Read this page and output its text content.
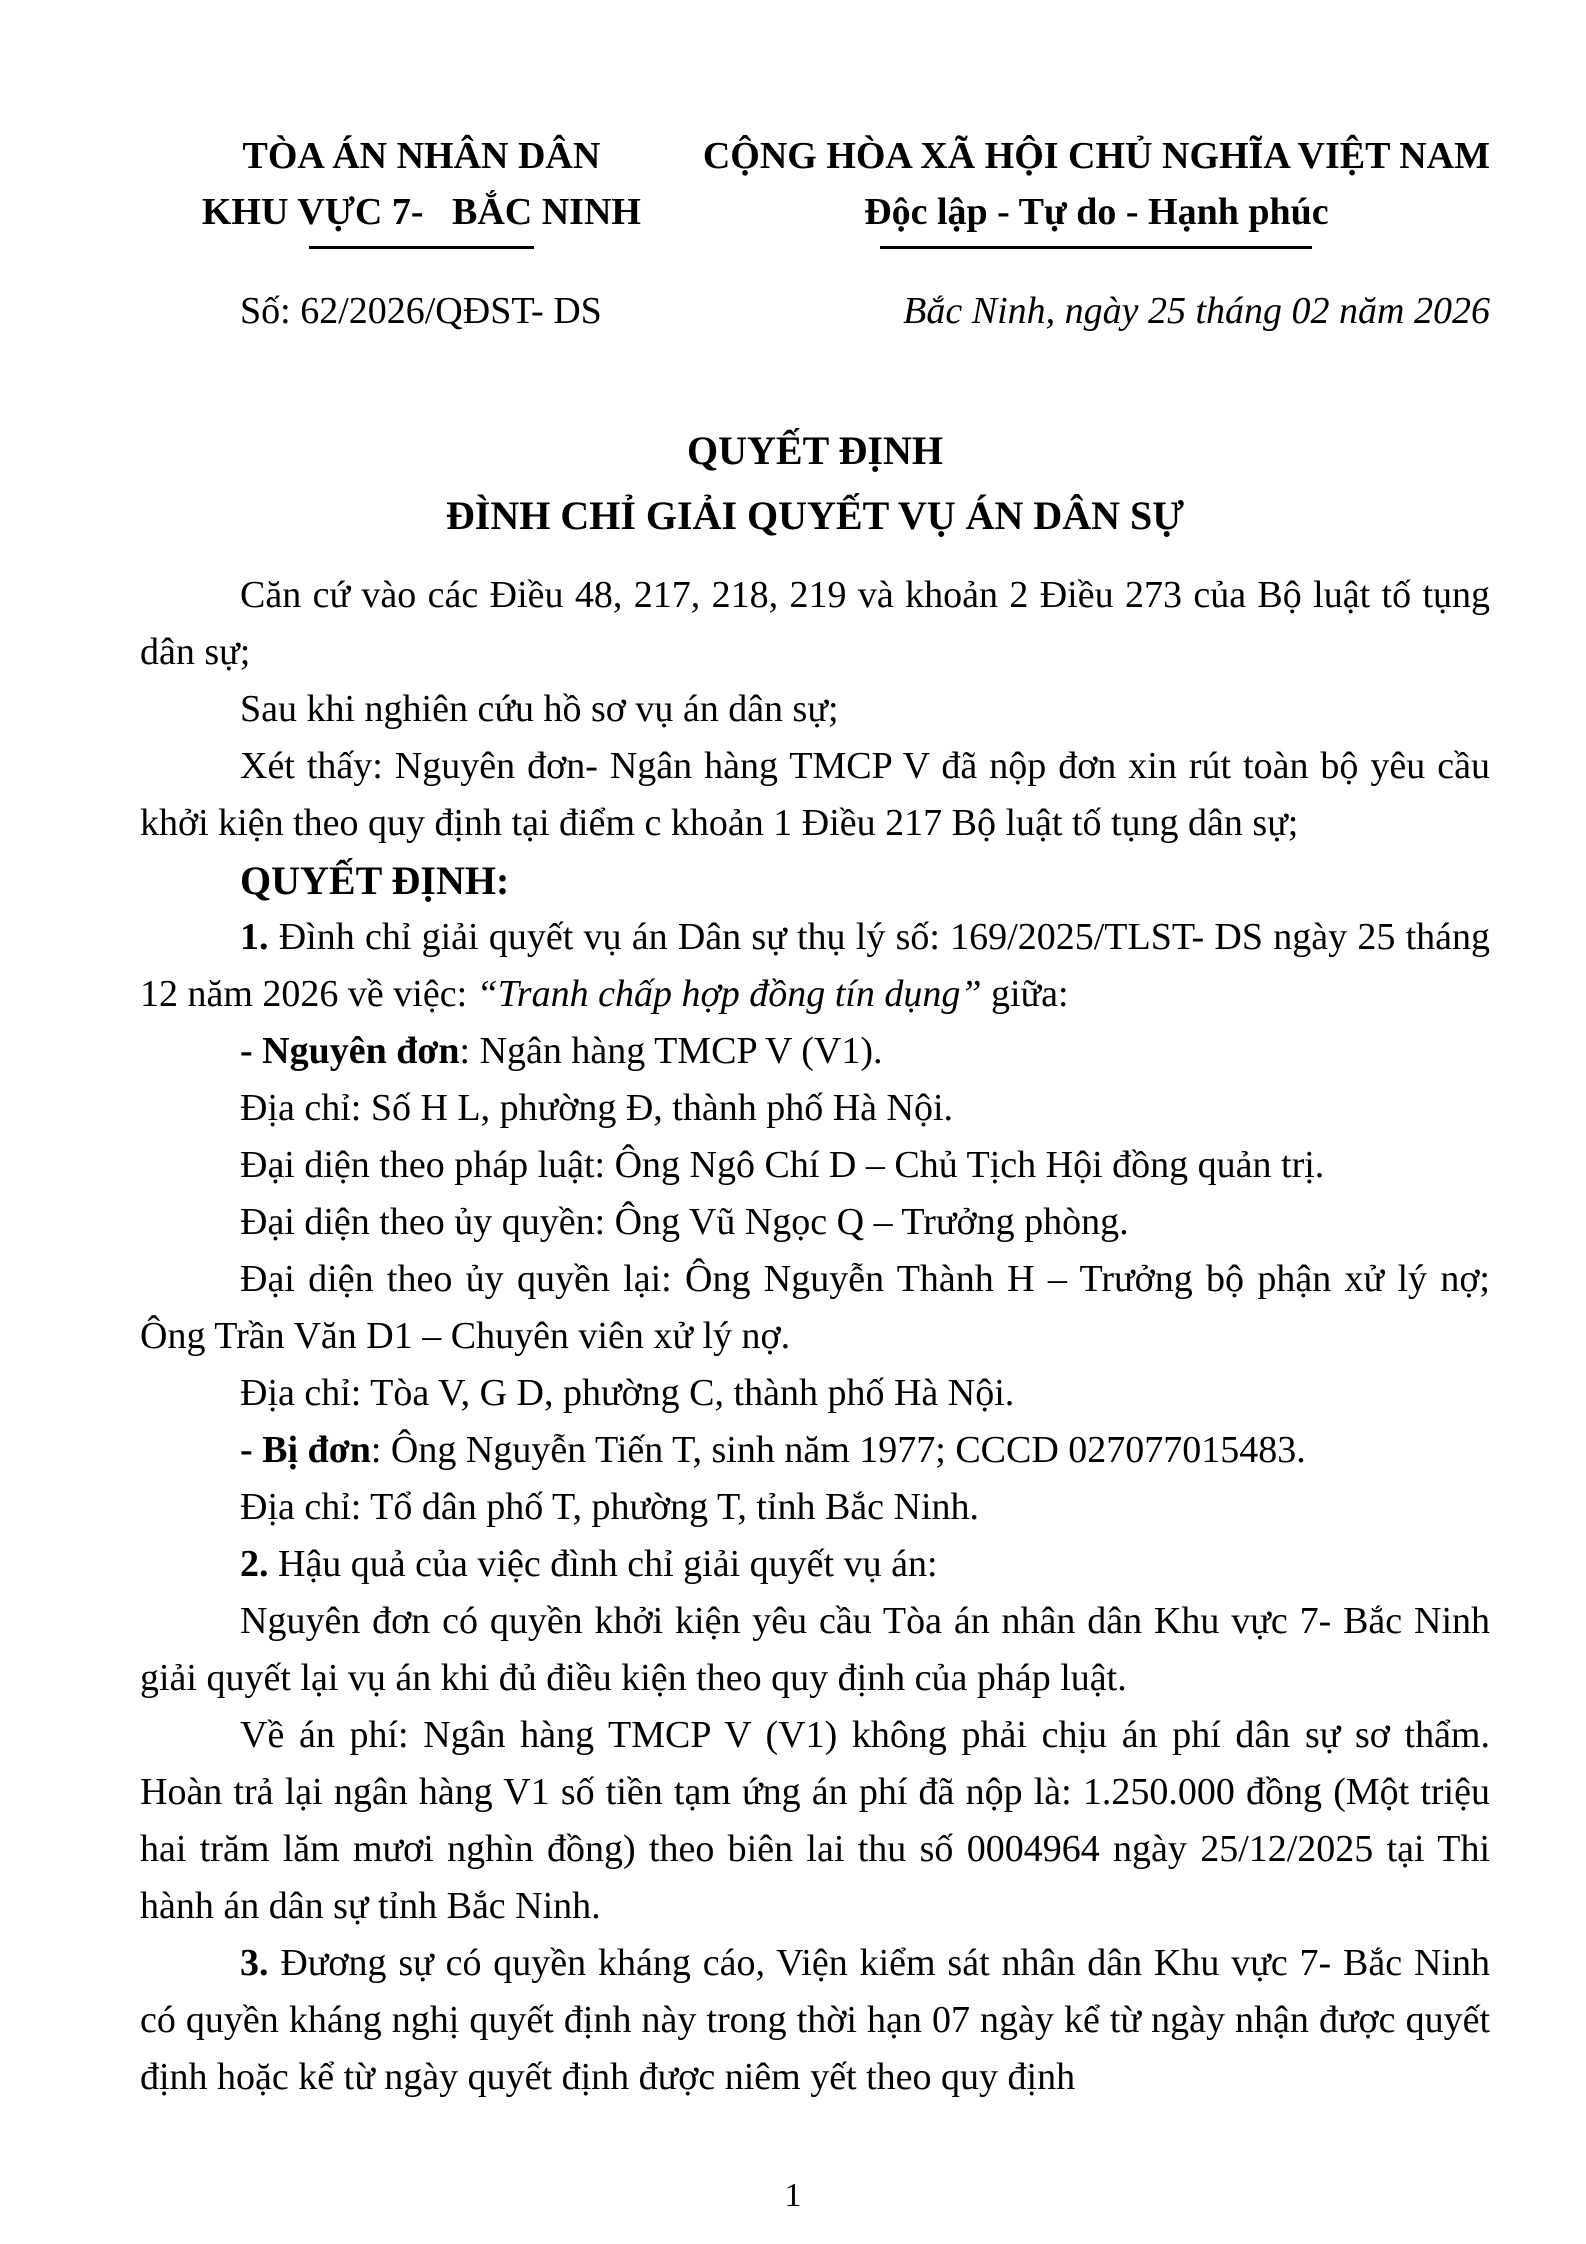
TÒA ÁN NHÂN DÂN
KHU VỰC 7-   BẮC NINH
CỘNG HÒA XÃ HỘI CHỦ NGHĨA VIỆT NAM
Độc lập - Tự do - Hạnh phúc
Số: 62/2026/QĐST- DS	Bắc Ninh, ngày 25 tháng 02 năm 2026
QUYẾT ĐỊNH
ĐÌNH CHỈ GIẢI QUYẾT VỤ ÁN DÂN SỰ

Căn cứ vào các Điều 48, 217, 218, 219 và khoản 2 Điều 273 của Bộ luật tố tụng dân sự;

Sau khi nghiên cứu hồ sơ vụ án dân sự;

Xét thấy: Nguyên đơn- Ngân hàng TMCP V đã nộp đơn xin rút toàn bộ yêu cầu khởi kiện theo quy định tại điểm c khoản 1 Điều 217 Bộ luật tố tụng dân sự;

QUYẾT ĐỊNH:

1. Đình chỉ giải quyết vụ án Dân sự thụ lý số: 169/2025/TLST- DS ngày 25 tháng 12 năm 2026 về việc: “Tranh chấp hợp đồng tín dụng” giữa:

- Nguyên đơn: Ngân hàng TMCP V (V1).

Địa chỉ: Số H L, phường Đ, thành phố Hà Nội.

Đại diện theo pháp luật: Ông Ngô Chí D – Chủ Tịch Hội đồng quản trị.

Đại diện theo ủy quyền: Ông Vũ Ngọc Q – Trưởng phòng.

Đại diện theo ủy quyền lại: Ông Nguyễn Thành H – Trưởng bộ phận xử lý nợ; Ông Trần Văn D1 – Chuyên viên xử lý nợ.

Địa chỉ: Tòa V, G D, phường C, thành phố Hà Nội.

- Bị đơn: Ông Nguyễn Tiến T, sinh năm 1977; CCCD 027077015483.

Địa chỉ: Tổ dân phố T, phường T, tỉnh Bắc Ninh.

2. Hậu quả của việc đình chỉ giải quyết vụ án:

Nguyên đơn có quyền khởi kiện yêu cầu Tòa án nhân dân Khu vực 7- Bắc Ninh giải quyết lại vụ án khi đủ điều kiện theo quy định của pháp luật.

Về án phí: Ngân hàng TMCP V (V1) không phải chịu án phí dân sự sơ thẩm. Hoàn trả lại ngân hàng V1 số tiền tạm ứng án phí đã nộp là: 1.250.000 đồng (Một triệu hai trăm lăm mươi nghìn đồng) theo biên lai thu số 0004964 ngày 25/12/2025 tại Thi hành án dân sự tỉnh Bắc Ninh.

3. Đương sự có quyền kháng cáo, Viện kiểm sát nhân dân Khu vực 7- Bắc Ninh có quyền kháng nghị quyết định này trong thời hạn 07 ngày kể từ ngày nhận được quyết định hoặc kể từ ngày quyết định được niêm yết theo quy định

1
